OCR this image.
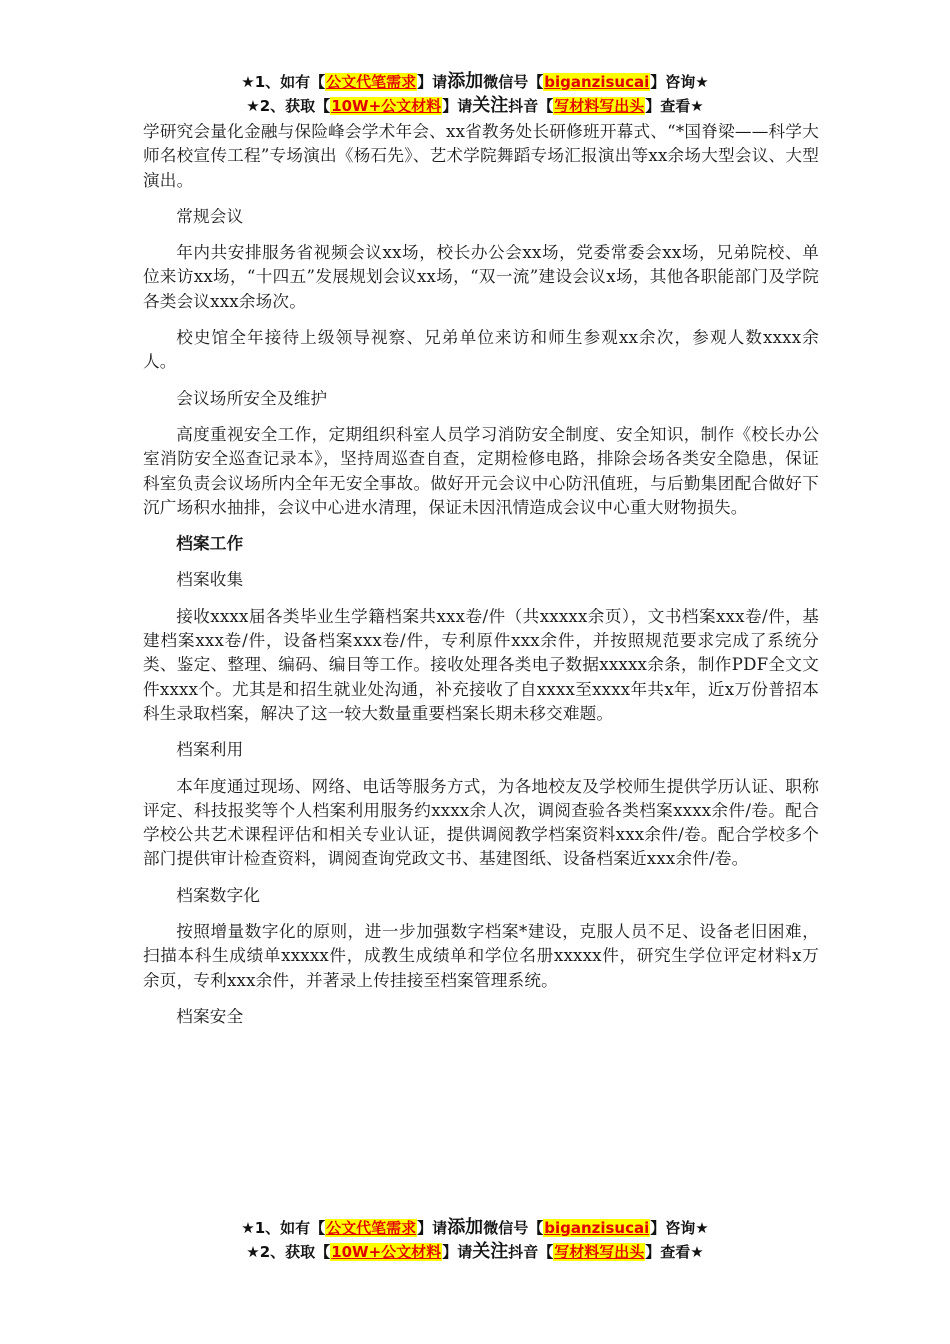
★1、如有【公文代笔需求】请添加微信号【biganzisucai】咨询★
★2、获取【10W+公文材料】请关注抖音【写材料写出头】查看★

学研究会量化金融与保险峰会学术年会、xx省教务处长研修班开幕式、“*国脊梁——科学大师名校宣传工程”专场演出《杨石先》、艺术学院舞蹈专场汇报演出等xx余场大型会议、大型演出。

常规会议

年内共安排服务省视频会议xx场，校长办公会xx场，党委常委会xx场，兄弟院校、单位来访xx场，“十四五”发展规划会议xx场，“双一流”建设会议x场，其他各职能部门及学院各类会议xxx余场次。

校史馆全年接待上级领导视察、兄弟单位来访和师生参观xx余次，参观人数xxxx余人。

会议场所安全及维护

高度重视安全工作，定期组织科室人员学习消防安全制度、安全知识，制作《校长办公室消防安全巡查记录本》，坚持周巡查自查，定期检修电路，排除会场各类安全隐患，保证科室负责会议场所内全年无安全事故。做好开元会议中心防汛值班，与后勤集团配合做好下沉广场积水抽排，会议中心进水清理，保证未因汛情造成会议中心重大财物损失。

档案工作

档案收集

接收xxxx届各类毕业生学籍档案共xxx卷/件（共xxxxx余页），文书档案xxx卷/件，基建档案xxx卷/件，设备档案xxx卷/件，专利原件xxx余件，并按照规范要求完成了系统分类、鉴定、整理、编码、编目等工作。接收处理各类电子数据xxxxx余条，制作PDF全文文件xxxx个。尤其是和招生就业处沟通，补充接收了自xxxx至xxxx年共x年，近x万份普招本科生录取档案，解决了这一较大数量重要档案长期未移交难题。

档案利用

本年度通过现场、网络、电话等服务方式，为各地校友及学校师生提供学历认证、职称评定、科技报奖等个人档案利用服务约xxxx余人次，调阅查验各类档案xxxx余件/卷。配合学校公共艺术课程评估和相关专业认证，提供调阅教学档案资料xxx余件/卷。配合学校多个部门提供审计检查资料，调阅查询党政文书、基建图纸、设备档案近xxx余件/卷。

档案数字化

按照增量数字化的原则，进一步加强数字档案*建设，克服人员不足、设备老旧困难，扫描本科生成绩单xxxxx件，成教生成绩单和学位名册xxxxx件，研究生学位评定材料x万余页，专利xxx余件，并著录上传挂接至档案管理系统。

档案安全

★1、如有【公文代笔需求】请添加微信号【biganzisucai】咨询★
★2、获取【10W+公文材料】请关注抖音【写材料写出头】查看★
